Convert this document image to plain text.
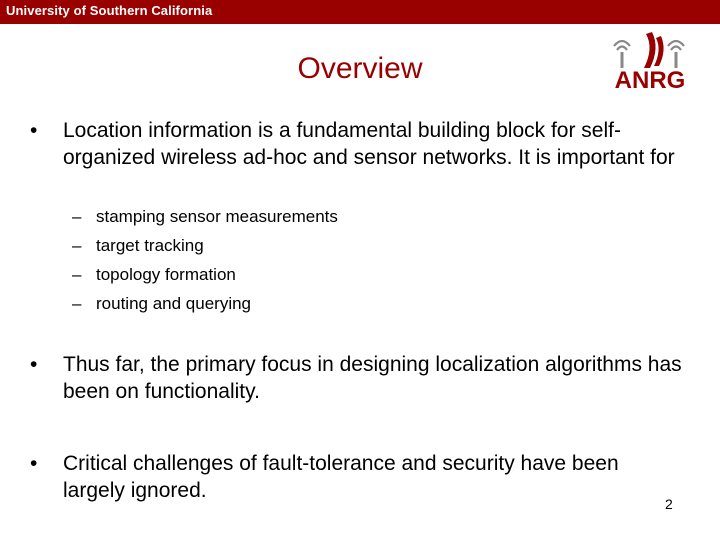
University of Southern California
Overview	ANRG
• Location information is a fundamental building block for self-organized wireless ad-hoc and sensor networks. It is important for
– stamping sensor measurements
– target tracking
– topology formation
– routing and querying
• Thus far, the primary focus in designing localization algorithms has been on functionality.
• Critical challenges of fault-tolerance and security have been largely ignored.
2
